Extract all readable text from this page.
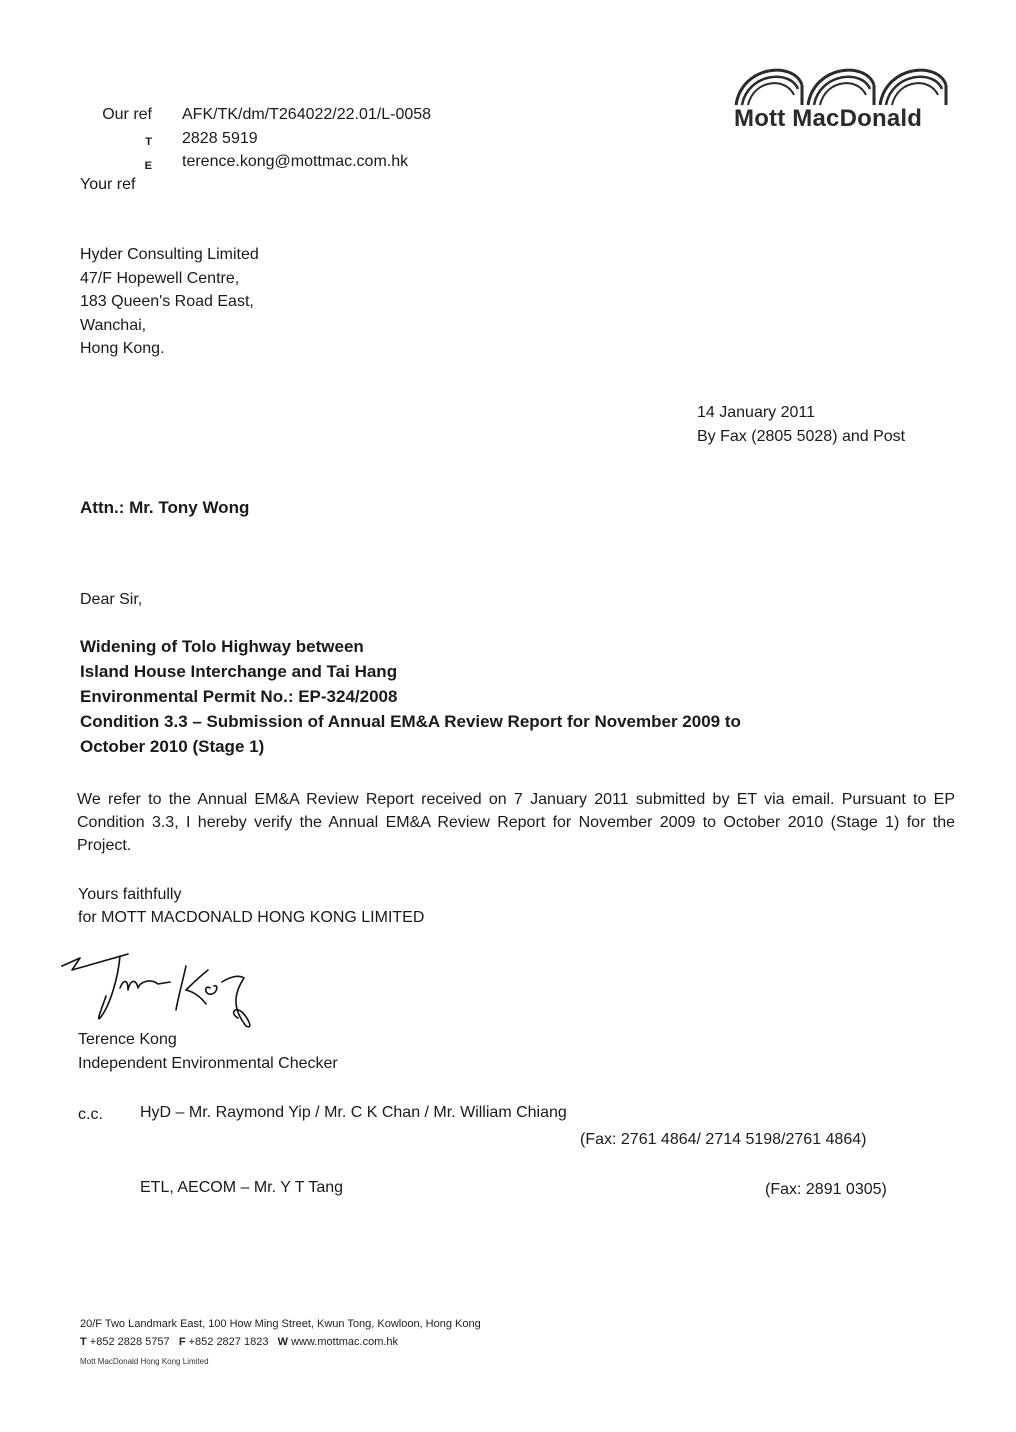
Our ref AFK/TK/dm/T264022/22.01/L-0058
T 2828 5919
E terence.kong@mottmac.com.hk
Your ref
Mott MacDonald
Hyder Consulting Limited
47/F Hopewell Centre,
183 Queen's Road East,
Wanchai,
Hong Kong.
14 January 2011
By Fax (2805 5028) and Post
Attn.: Mr. Tony Wong
Dear Sir,
Widening of Tolo Highway between
Island House Interchange and Tai Hang
Environmental Permit No.: EP-324/2008
Condition 3.3 – Submission of Annual EM&A Review Report for November 2009 to
October 2010 (Stage 1)
We refer to the Annual EM&A Review Report received on 7 January 2011 submitted by ET via email. Pursuant to EP Condition 3.3, I hereby verify the Annual EM&A Review Report for November 2009 to October 2010 (Stage 1) for the Project.
Yours faithfully
for MOTT MACDONALD HONG KONG LIMITED
Terence Kong
Independent Environmental Checker
c.c. HyD – Mr. Raymond Yip / Mr. C K Chan / Mr. William Chiang
(Fax: 2761 4864/ 2714 5198/2761 4864)
ETL, AECOM – Mr. Y T Tang	(Fax: 2891 0305)
20/F Two Landmark East, 100 How Ming Street, Kwun Tong, Kowloon, Hong Kong
T +852 2828 5757 F +852 2827 1823 W www.mottmac.com.hk
Mott MacDonald Hong Kong Limited
